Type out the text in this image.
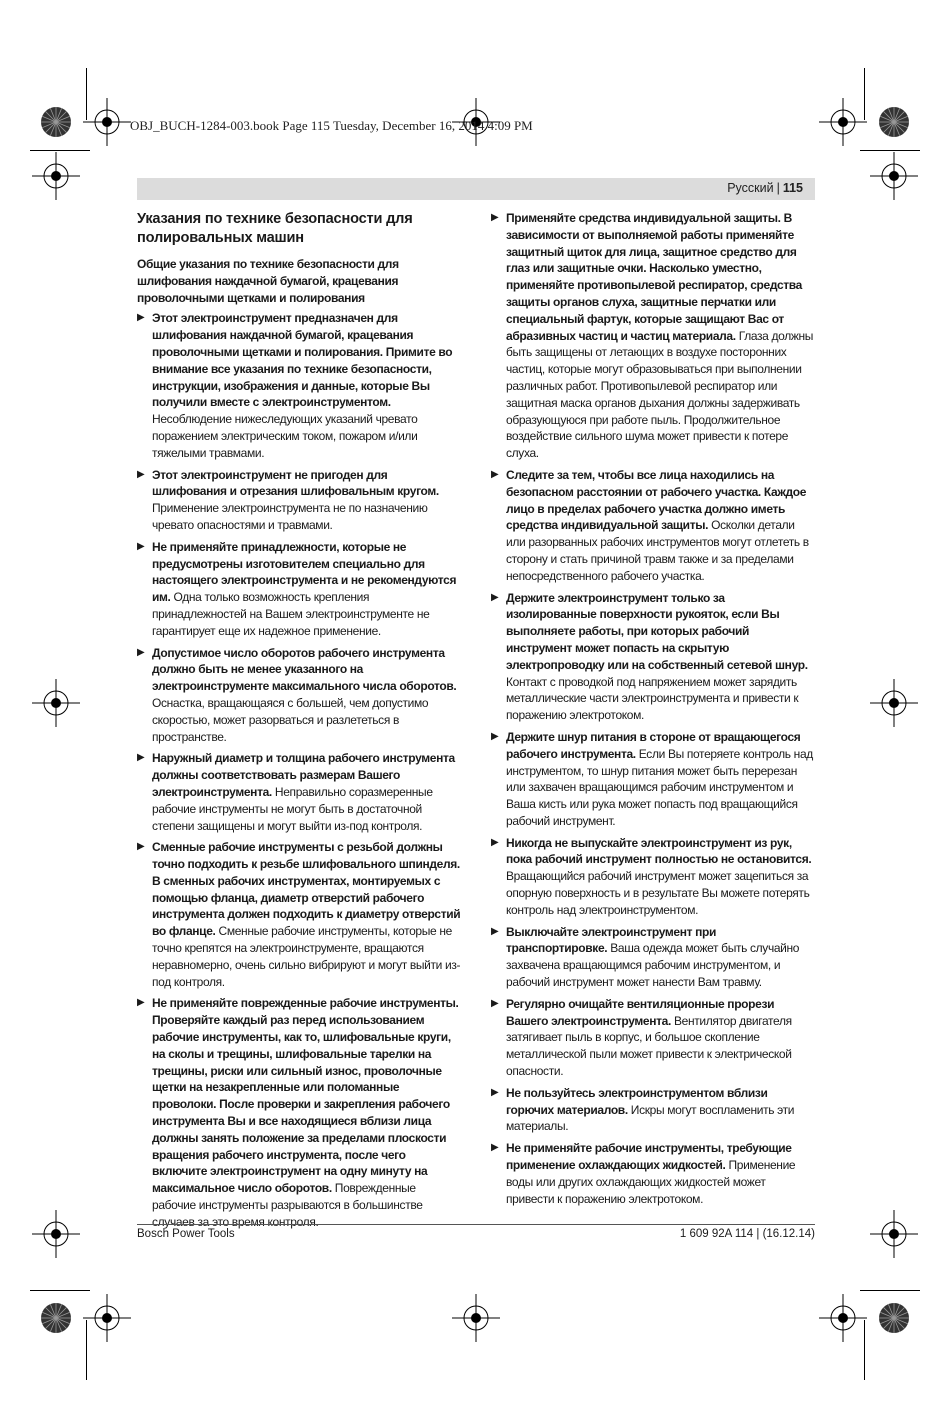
OBJ_BUCH-1284-003.book Page 115 Tuesday, December 16, 2014 4:09 PM
Русский | 115
Указания по технике безопасности для полировальных машин
Общие указания по технике безопасности для шлифования наждачной бумагой, крацевания проволочными щетками и полирования
▶ Этот электроинструмент предназначен для шлифования наждачной бумагой, крацевания проволочными щетками и полирования. Примите во внимание все указания по технике безопасности, инструкции, изображения и данные, которые Вы получили вместе с электроинструментом. Несоблюдение нижеследующих указаний чревато поражением электрическим током, пожаром и/или тяжелыми травмами.
▶ Этот электроинструмент не пригоден для шлифования и отрезания шлифовальным кругом. Применение электроинструмента не по назначению чревато опасностями и травмами.
▶ Не применяйте принадлежности, которые не предусмотрены изготовителем специально для настоящего электроинструмента и не рекомендуются им. Одна только возможность крепления принадлежностей на Вашем электроинструменте не гарантирует еще их надежное применение.
▶ Допустимое число оборотов рабочего инструмента должно быть не менее указанного на электроинструменте максимального числа оборотов. Оснастка, вращающаяся с большей, чем допустимо скоростью, может разорваться и разлететься в пространстве.
▶ Наружный диаметр и толщина рабочего инструмента должны соответствовать размерам Вашего электроинструмента. Неправильно соразмеренные рабочие инструменты не могут быть в достаточной степени защищены и могут выйти из-под контроля.
▶ Сменные рабочие инструменты с резьбой должны точно подходить к резьбе шлифовального шпинделя. В сменных рабочих инструментах, монтируемых с помощью фланца, диаметр отверстий рабочего инструмента должен подходить к диаметру отверстий во фланце. Сменные рабочие инструменты, которые не точно крепятся на электроинструменте, вращаются неравномерно, очень сильно вибрируют и могут выйти из-под контроля.
▶ Не применяйте поврежденные рабочие инструменты. Проверяйте каждый раз перед использованием рабочие инструменты, как то, шлифовальные круги, на сколы и трещины, шлифовальные тарелки на трещины, риски или сильный износ, проволочные щетки на незакрепленные или поломанные проволоки. После проверки и закрепления рабочего инструмента Вы и все находящиеся вблизи лица должны занять положение за пределами плоскости вращения рабочего инструмента, после чего включите электроинструмент на одну минуту на максимальное число оборотов. Поврежденные рабочие инструменты разрываются в большинстве случаев за это время контроля.
▶ Применяйте средства индивидуальной защиты. В зависимости от выполняемой работы применяйте защитный щиток для лица, защитное средство для глаз или защитные очки. Насколько уместно, применяйте противопылевой респиратор, средства защиты органов слуха, защитные перчатки или специальный фартук, которые защищают Вас от абразивных частиц и частиц материала. Глаза должны быть защищены от летающих в воздухе посторонних частиц, которые могут образовываться при выполнении различных работ. Противопылевой респиратор или защитная маска органов дыхания должны задерживать образующуюся при работе пыль. Продолжительное воздействие сильного шума может привести к потере слуха.
▶ Следите за тем, чтобы все лица находились на безопасном расстоянии от рабочего участка. Каждое лицо в пределах рабочего участка должно иметь средства индивидуальной защиты. Осколки детали или разорванных рабочих инструментов могут отлететь в сторону и стать причиной травм также и за пределами непосредственного рабочего участка.
▶ Держите электроинструмент только за изолированные поверхности рукояток, если Вы выполняете работы, при которых рабочий инструмент может попасть на скрытую электропроводку или на собственный сетевой шнур. Контакт с проводкой под напряжением может зарядить металлические части электроинструмента и привести к поражению электротоком.
▶ Держите шнур питания в стороне от вращающегося рабочего инструмента. Если Вы потеряете контроль над инструментом, то шнур питания может быть перерезан или захвачен вращающимся рабочим инструментом и Ваша кисть или рука может попасть под вращающийся рабочий инструмент.
▶ Никогда не выпускайте электроинструмент из рук, пока рабочий инструмент полностью не остановится. Вращающийся рабочий инструмент может зацепиться за опорную поверхность и в результате Вы можете потерять контроль над электроинструментом.
▶ Выключайте электроинструмент при транспортировке. Ваша одежда может быть случайно захвачена вращающимся рабочим инструментом, и рабочий инструмент может нанести Вам травму.
▶ Регулярно очищайте вентиляционные прорези Вашего электроинструмента. Вентилятор двигателя затягивает пыль в корпус, и большое скопление металлической пыли может привести к электрической опасности.
▶ Не пользуйтесь электроинструментом вблизи горючих материалов. Искры могут воспламенить эти материалы.
▶ Не применяйте рабочие инструменты, требующие применение охлаждающих жидкостей. Применение воды или других охлаждающих жидкостей может привести к поражению электротоком.
Bosch Power Tools	1 609 92A 114 | (16.12.14)
